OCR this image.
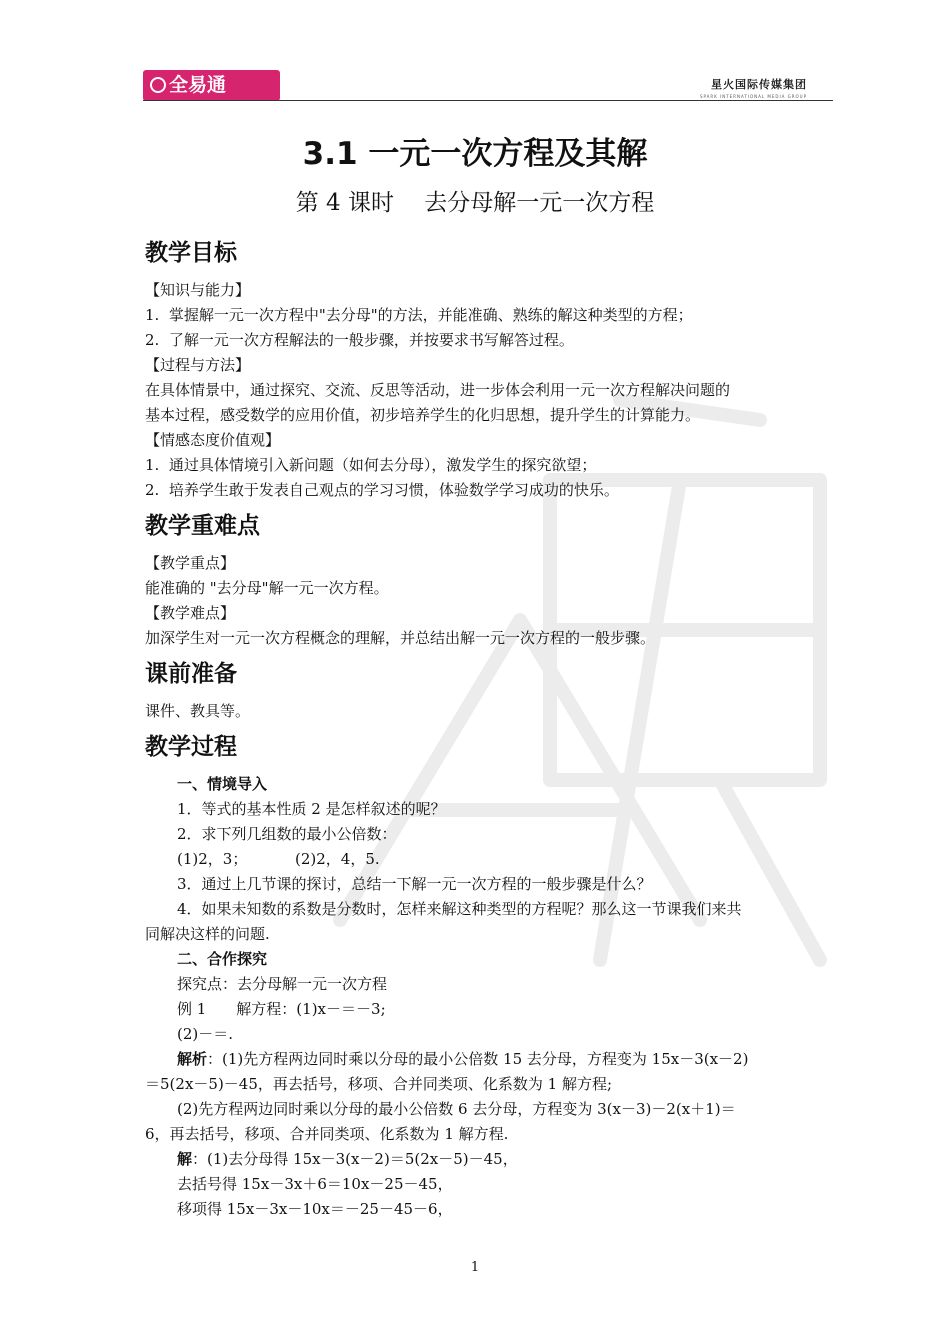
全易通	星火国际传媒集团
SPARK INTERNATIONAL MEDIA GROUP
3.1 一元一次方程及其解
第 4 课时　 去分母解一元一次方程
教学目标
【知识与能力】
1.  掌握解一元一次方程中"去分母"的方法，并能准确、熟练的解这种类型的方程；
2.  了解一元一次方程解法的一般步骤，并按要求书写解答过程。
【过程与方法】
在具体情景中，通过探究、交流、反思等活动，进一步体会利用一元一次方程解决问题的
基本过程，感受数学的应用价值，初步培养学生的化归思想，提升学生的计算能力。
【情感态度价值观】
1.  通过具体情境引入新问题（如何去分母），激发学生的探究欲望；
2.  培养学生敢于发表自己观点的学习习惯，体验数学学习成功的快乐。
教学重难点
【教学重点】
能准确的 "去分母"解一元一次方程。
【教学难点】
加深学生对一元一次方程概念的理解，并总结出解一元一次方程的一般步骤。
课前准备
课件、教具等。
教学过程
一、情境导入
1．等式的基本性质 2 是怎样叙述的呢？
2．求下列几组数的最小公倍数：
(1)2，3；          (2)2，4，5.
3．通过上几节课的探讨，总结一下解一元一次方程的一般步骤是什么？
4．如果未知数的系数是分数时，怎样来解这种类型的方程呢？那么这一节课我们来共
同解决这样的问题.
二、合作探究
探究点：去分母解一元一次方程
例 1　　解方程：(1)x－＝－3;
(2)－＝.
解析：(1)先方程两边同时乘以分母的最小公倍数 15 去分母，方程变为 15x－3(x－2)
＝5(2x－5)－45，再去括号，移项、合并同类项、化系数为 1 解方程;
(2)先方程两边同时乘以分母的最小公倍数 6 去分母，方程变为 3(x－3)－2(x＋1)＝
6，再去括号，移项、合并同类项、化系数为 1 解方程.
解：(1)去分母得 15x－3(x－2)＝5(2x－5)－45，
去括号得 15x－3x＋6＝10x－25－45，
移项得 15x－3x－10x＝－25－45－6，
1
